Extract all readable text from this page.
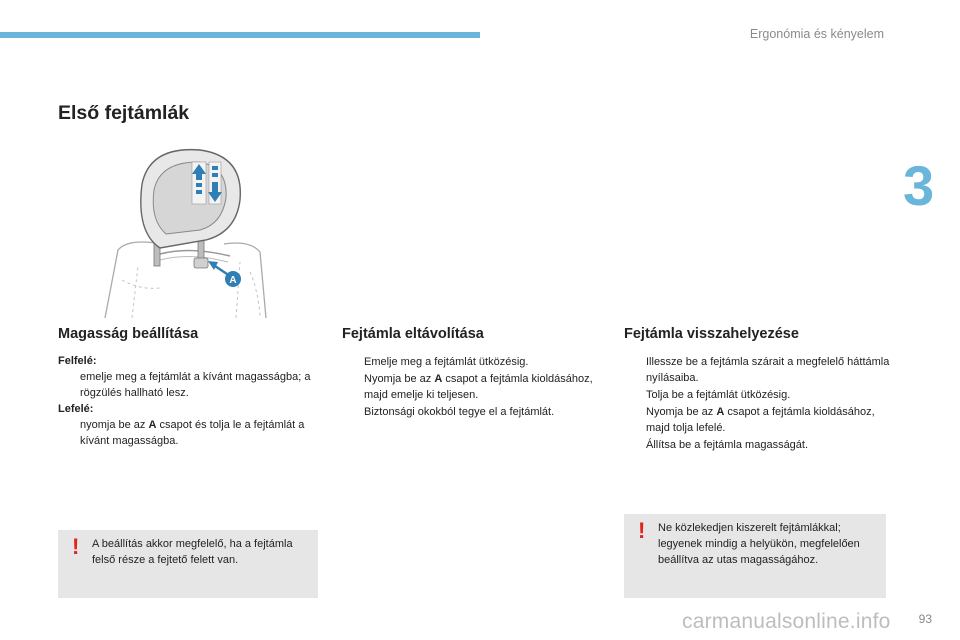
Ergonómia és kényelem
3
Első fejtámlák
A
Magasság beállítása

Felfelé:

emelje meg a fejtámlát a kívánt magasságba; a rögzülés hallható lesz.

Lefelé:

nyomja be az A csapot és tolja le a fejtámlát a kívánt magasságba.
Fejtámla eltávolítása
Emelje meg a fejtámlát ütközésig.
Nyomja be az A csapot a fejtámla kioldásához, majd emelje ki teljesen.
Biztonsági okokból tegye el a fejtámlát.
Fejtámla visszahelyezése
Illessze be a fejtámla szárait a megfelelő háttámla nyílásaiba.
Tolja be a fejtámlát ütközésig.
Nyomja be az A csapot a fejtámla kioldásához, majd tolja lefelé.
Állítsa be a fejtámla magasságát.
! A beállítás akkor megfelelő, ha a fejtámla felső része a fejtető felett van.
! Ne közlekedjen kiszerelt fejtámlákkal; legyenek mindig a helyükön, megfelelően beállítva az utas magasságához.
93
carmanualsonline.info
